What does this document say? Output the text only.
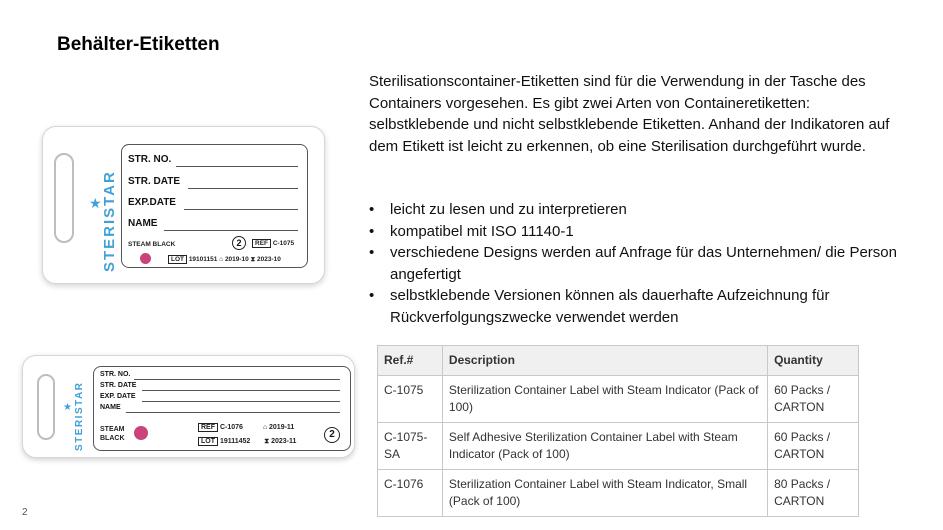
Behälter-Etiketten

Sterilisationscontainer-Etiketten sind für die Verwendung in der Tasche des Containers vorgesehen. Es gibt zwei Arten von Containeretiketten: selbstklebende und nicht selbstklebende Etiketten. Anhand der Indikatoren auf dem Etikett ist leicht zu erkennen, ob eine Sterilisation durchgeführt wurde.

• leicht zu lesen und zu interpretieren
• kompatibel mit ISO 11140-1
• verschiedene Designs werden auf Anfrage für das Unternehmen/ die Person angefertigt
• selbstklebende Versionen können als dauerhafte Aufzeichnung für Rückverfolgungszwecke verwendet werden
★ STERISTAR
STR. NO.
STR. DATE
EXP.DATE
NAME
STEAM BLACK	2	REF C-1075
LOT 19101151 ⌂ 2019-10 ⧗ 2023-10
★ STERISTAR
STR. NO.
STR. DATE
EXP. DATE
NAME
STEAM
BLACK
REF C-1076	⌂ 2019-11
LOT 19111452 ⧗ 2023-11
2
Ref.#	Description	Quantity
C-1075	Sterilization Container Label with Steam Indicator (Pack of 100)	60 Packs / CARTON
C-1075-SA	Self Adhesive Sterilization Container Label with Steam Indicator (Pack of 100)	60 Packs / CARTON
C-1076	Sterilization Container Label with Steam Indicator, Small (Pack of 100)	80 Packs / CARTON
2
